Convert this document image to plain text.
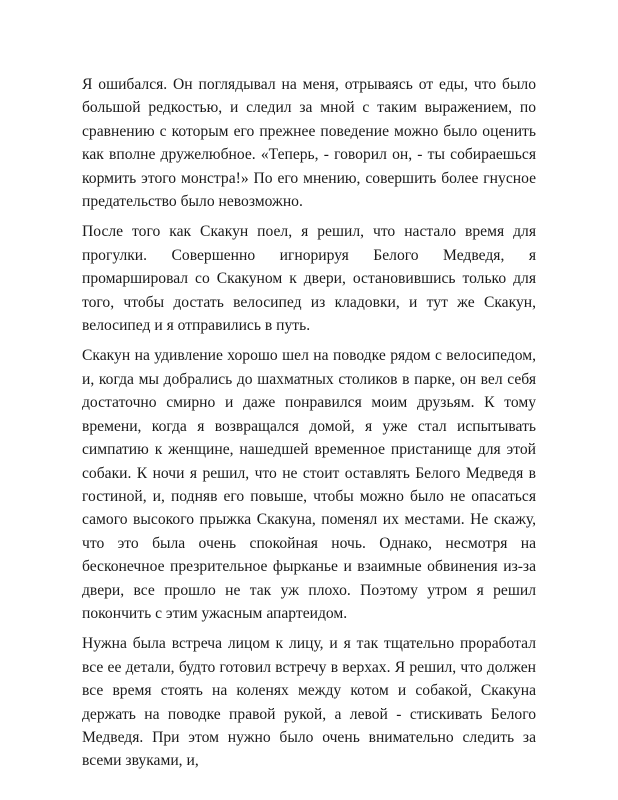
Я ошибался. Он поглядывал на меня, отрываясь от еды, что было большой редкостью, и следил за мной с таким выражением, по сравнению с которым его прежнее поведение можно было оценить как вполне дружелюбное. «Теперь, - говорил он, - ты собираешься кормить этого монстра!» По его мнению, совершить более гнусное предательство было невозможно.

После того как Скакун поел, я решил, что настало время для прогулки. Совершенно игнорируя Белого Медведя, я промаршировал со Скакуном к двери, остановившись только для того, чтобы достать велосипед из кладовки, и тут же Скакун, велосипед и я отправились в путь.

Скакун на удивление хорошо шел на поводке рядом с велосипедом, и, когда мы добрались до шахматных столиков в парке, он вел себя достаточно смирно и даже понравился моим друзьям. К тому времени, когда я возвращался домой, я уже стал испытывать симпатию к женщине, нашедшей временное пристанище для этой собаки. К ночи я решил, что не стоит оставлять Белого Медведя в гостиной, и, подняв его повыше, чтобы можно было не опасаться самого высокого прыжка Скакуна, поменял их местами. Не скажу, что это была очень спокойная ночь. Однако, несмотря на бесконечное презрительное фырканье и взаимные обвинения из-за двери, все прошло не так уж плохо. Поэтому утром я решил покончить с этим ужасным апартеидом.

Нужна была встреча лицом к лицу, и я так тщательно проработал все ее детали, будто готовил встречу в верхах. Я решил, что должен все время стоять на коленях между котом и собакой, Скакуна держать на поводке правой рукой, а левой - стискивать Белого Медведя. При этом нужно было очень внимательно следить за всеми звуками, и,
